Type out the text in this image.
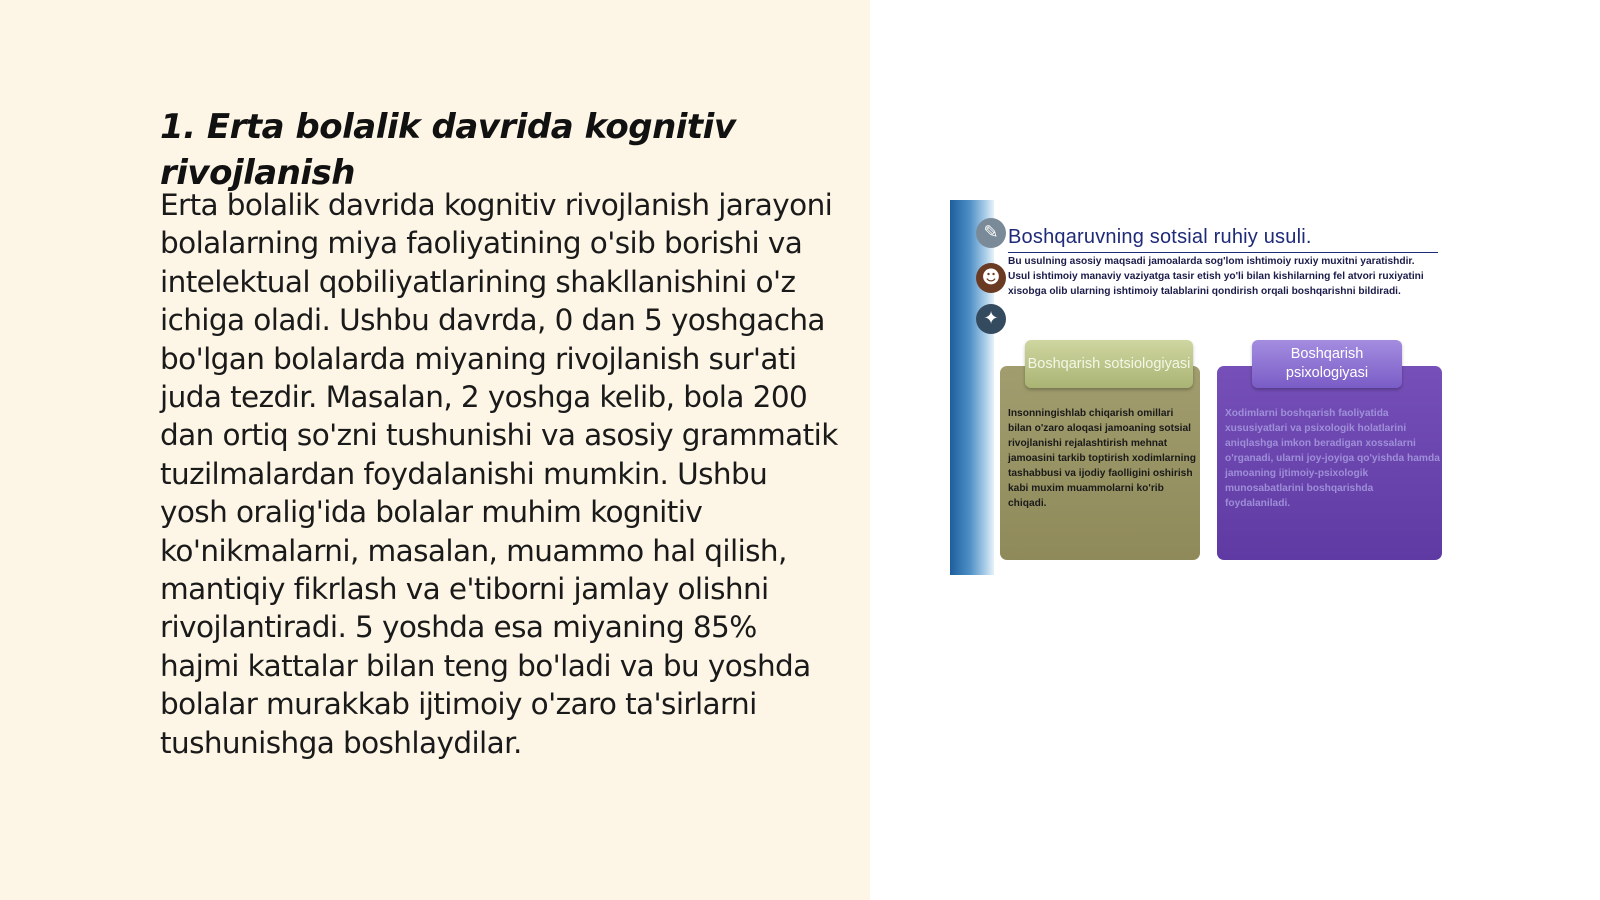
1. Erta bolalik davrida kognitiv rivojlanish

Erta bolalik davrida kognitiv rivojlanish jarayoni bolalarning miya faoliyatining o'sib borishi va intelektual qobiliyatlarining shakllanishini o'z ichiga oladi. Ushbu davrda, 0 dan 5 yoshgacha bo'lgan bolalarda miyaning rivojlanish sur'ati juda tezdir. Masalan, 2 yoshga kelib, bola 200 dan ortiq so'zni tushunishi va asosiy grammatik tuzilmalardan foydalanishi mumkin. Ushbu yosh oralig'ida bolalar muhim kognitiv ko'nikmalarni, masalan, muammo hal qilish, mantiqiy fikrlash va e'tiborni jamlay olishni rivojlantiradi. 5 yoshda esa miyaning 85% hajmi kattalar bilan teng bo'ladi va bu yoshda bolalar murakkab ijtimoiy o'zaro ta'sirlarni tushunishga boshlaydilar.

✎
☻
✦
Boshqaruvning sotsial ruhiy usuli.

Bu usulning asosiy maqsadi jamoalarda sog'lom ishtimoiy ruxiy muxitni yaratishdir. Usul ishtimoiy manaviy vaziyatga tasir etish yo'li bilan kishilarning fel atvori ruxiyatini xisobga olib ularning ishtimoiy talablarini qondirish orqali boshqarishni bildiradi.

Boshqarish sotsiologiyasi
Boshqarish psixologiyasi

Insonningishlab chiqarish omillari bilan o'zaro aloqasi jamoaning sotsial rivojlanishi rejalashtirish mehnat jamoasini tarkib toptirish xodimlarning tashabbusi va ijodiy faolligini oshirish kabi muxim muammolarni ko'rib chiqadi.

Xodimlarni boshqarish faoliyatida xususiyatlari va psixologik holatlarini aniqlashga imkon beradigan xossalarni o'rganadi, ularni joy-joyiga qo'yishda hamda jamoaning ijtimoiy-psixologik munosabatlarini boshqarishda foydalaniladi.
